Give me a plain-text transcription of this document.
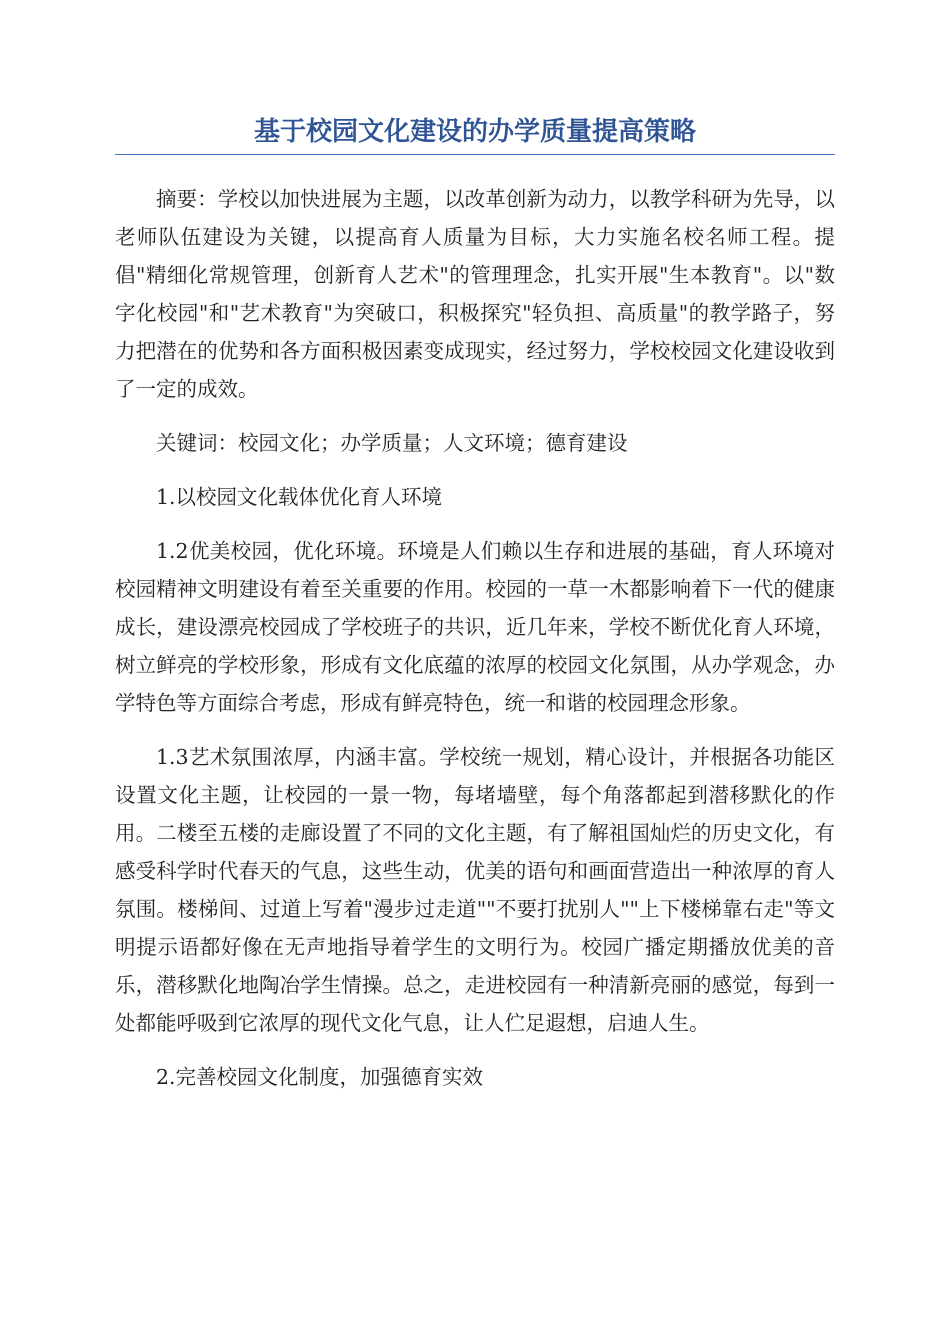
基于校园文化建设的办学质量提高策略

摘要：学校以加快进展为主题，以改革创新为动力，以教学科研为先导，以老师队伍建设为关键，以提高育人质量为目标，大力实施名校名师工程。提倡"精细化常规管理，创新育人艺术"的管理理念，扎实开展"生本教育"。以"数字化校园"和"艺术教育"为突破口，积极探究"轻负担、高质量"的教学路子，努力把潜在的优势和各方面积极因素变成现实，经过努力，学校校园文化建设收到了一定的成效。

关键词：校园文化；办学质量；人文环境；德育建设

1.以校园文化载体优化育人环境

1.2优美校园，优化环境。环境是人们赖以生存和进展的基础，育人环境对校园精神文明建设有着至关重要的作用。校园的一草一木都影响着下一代的健康成长，建设漂亮校园成了学校班子的共识，近几年来，学校不断优化育人环境，树立鲜亮的学校形象，形成有文化底蕴的浓厚的校园文化氛围，从办学观念，办学特色等方面综合考虑，形成有鲜亮特色，统一和谐的校园理念形象。

1.3艺术氛围浓厚，内涵丰富。学校统一规划，精心设计，并根据各功能区设置文化主题，让校园的一景一物，每堵墙壁，每个角落都起到潜移默化的作用。二楼至五楼的走廊设置了不同的文化主题，有了解祖国灿烂的历史文化，有感受科学时代春天的气息，这些生动，优美的语句和画面营造出一种浓厚的育人氛围。楼梯间、过道上写着"漫步过走道""不要打扰别人""上下楼梯靠右走"等文明提示语都好像在无声地指导着学生的文明行为。校园广播定期播放优美的音乐，潜移默化地陶冶学生情操。总之，走进校园有一种清新亮丽的感觉，每到一处都能呼吸到它浓厚的现代文化气息，让人伫足遐想，启迪人生。

2.完善校园文化制度，加强德育实效
